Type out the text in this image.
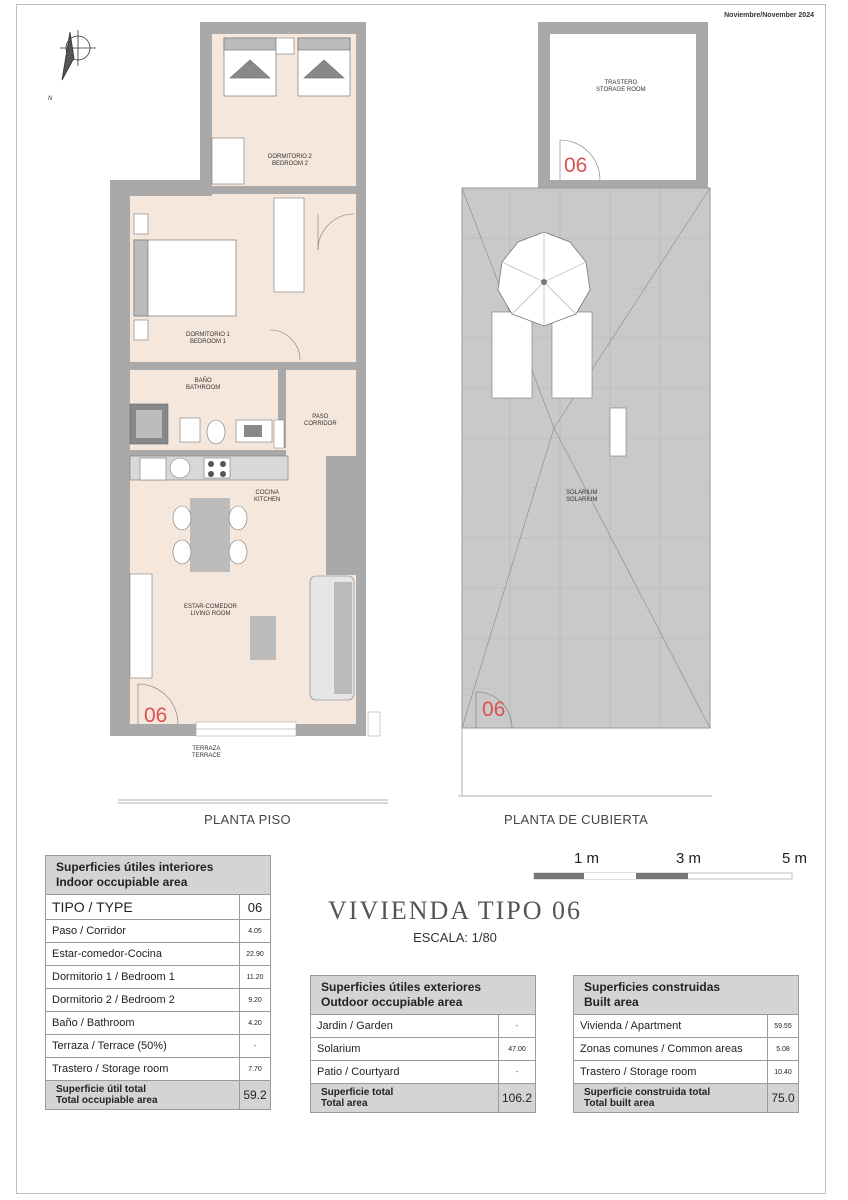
Noviembre/November 2024
DORMITORIO 2
BEDROOM 2
DORMITORIO 1
BEDROOM 1
BAÑO
BATHROOM
PASO
CORRIDOR
COCINA
KITCHEN
ESTAR-COMEDOR
LIVING ROOM
TERRAZA
TERRACE
N
TRASTERO
STORAGE ROOM
SOLARIUM
SOLARIUM
06
06
06
PLANTA PISO	PLANTA DE CUBIERTA
1 m	3 m	5 m
VIVIENDA TIPO 06
ESCALA: 1/80
Superficies útiles interiores
Indoor occupiable area	
TIPO / TYPE	06
Paso / Corridor	4.05
Estar-comedor-Cocina	22.90
Dormitorio 1 / Bedroom 1	11.20
Dormitorio 2 / Bedroom 2	9.20
Baño / Bathroom	4.20
Terraza / Terrace (50%)	-
Trastero / Storage room	7.70
Superficie útil total
Total occupiable area	59.2
Superficies útiles exteriores
Outdoor occupiable area	
Jardin / Garden	-
Solarium	47.00
Patio / Courtyard	-
Superficie total
Total area	106.2
Superficies construidas
Built area	
Vivienda / Apartment	59.55
Zonas comunes / Common areas	5.08
Trastero / Storage room	10.40
Superficie construida total
Total built area	75.0
